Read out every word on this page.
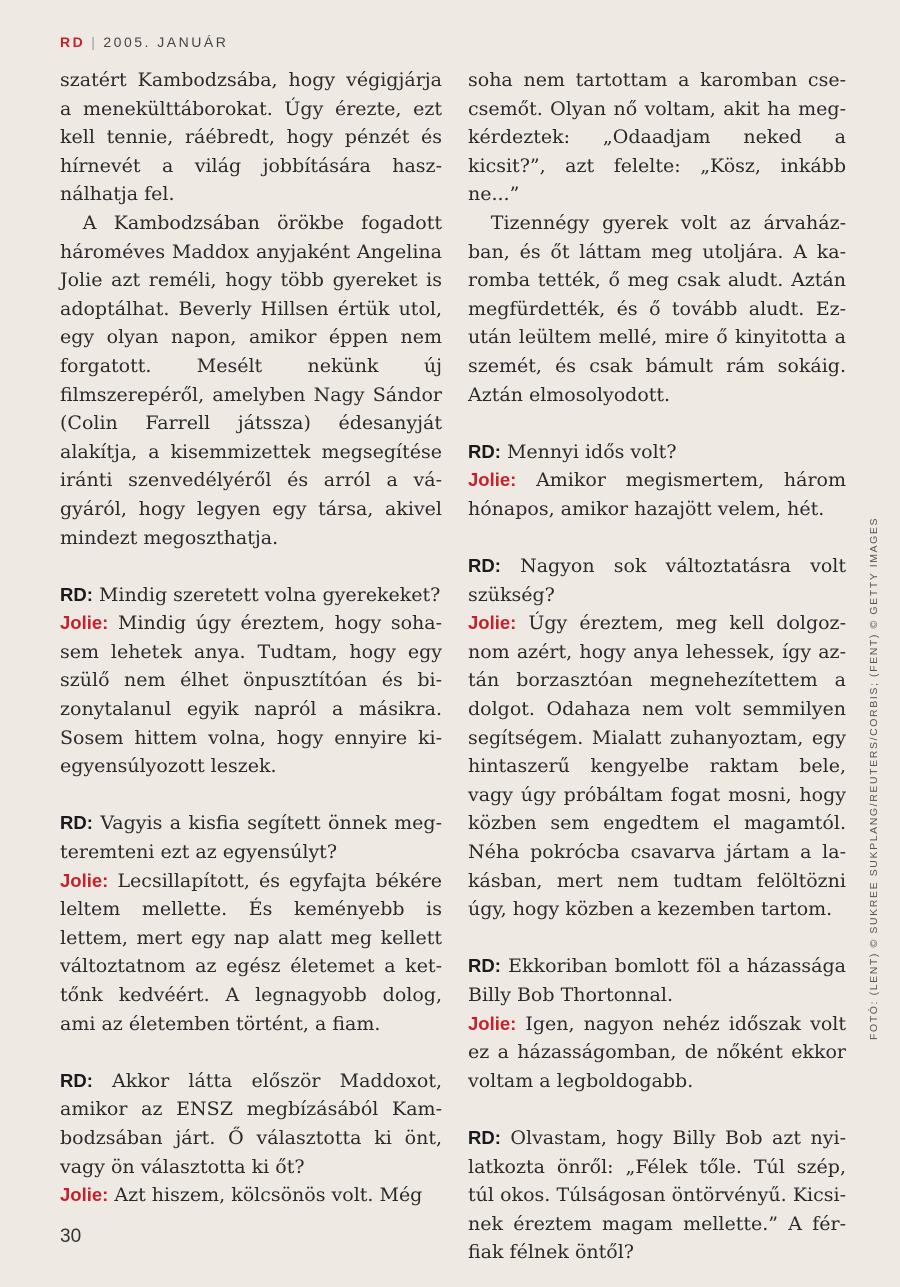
RD | 2005. JANUÁR

szatért Kambodzsába, hogy végigjárja a menekülttáborokat. Úgy érezte, ezt kell tennie, ráébredt, hogy pénzét és hírnevét a világ jobbítására használhatja fel.

A Kambodzsában örökbe fogadott hároméves Maddox anyjaként Angelina Jolie azt reméli, hogy több gyereket is adoptálhat. Beverly Hillsen értük utol, egy olyan napon, amikor éppen nem forgatott. Mesélt nekünk új filmszerepéről, amelyben Nagy Sándor (Colin Farrell játssza) édesanyját alakítja, a kisemmizettek megsegítése iránti szenvedélyéről és arról a vágyáról, hogy legyen egy társa, akivel mindezt megoszthatja.

RD: Mindig szeretett volna gyerekeket?

Jolie: Mindig úgy éreztem, hogy sohasem lehetek anya. Tudtam, hogy egy szülő nem élhet önpusztítóan és bizonytalanul egyik napról a másikra. Sosem hittem volna, hogy ennyire kiegyensúlyozott leszek.

RD: Vagyis a kisfia segített önnek megteremteni ezt az egyensúlyt?

Jolie: Lecsillapított, és egyfajta békére leltem mellette. És keményebb is lettem, mert egy nap alatt meg kellett változtatnom az egész életemet a kettőnk kedvéért. A legnagyobb dolog, ami az életemben történt, a fiam.

RD: Akkor látta először Maddoxot, amikor az ENSZ megbízásából Kambodzsában járt. Ő választotta ki önt, vagy ön választotta ki őt?

Jolie: Azt hiszem, kölcsönös volt. Még

soha nem tartottam a karomban csecsemőt. Olyan nő voltam, akit ha megkérdeztek: „Odaadjam neked a kicsit?”, azt felelte: „Kösz, inkább ne...”

Tizennégy gyerek volt az árvaházban, és őt láttam meg utoljára. A karomba tették, ő meg csak aludt. Aztán megfürdették, és ő tovább aludt. Ezután leültem mellé, mire ő kinyitotta a szemét, és csak bámult rám sokáig. Aztán elmosolyodott.

RD: Mennyi idős volt?

Jolie: Amikor megismertem, három hónapos, amikor hazajött velem, hét.

RD: Nagyon sok változtatásra volt szükség?

Jolie: Úgy éreztem, meg kell dolgoznom azért, hogy anya lehessek, így aztán borzasztóan megnehezítettem a dolgot. Odahaza nem volt semmilyen segítségem. Mialatt zuhanyoztam, egy hintaszerű kengyelbe raktam bele, vagy úgy próbáltam fogat mosni, hogy közben sem engedtem el magamtól. Néha pokrócba csavarva jártam a lakásban, mert nem tudtam felöltözni úgy, hogy közben a kezemben tartom.

RD: Ekkoriban bomlott föl a házassága Billy Bob Thortonnal.

Jolie: Igen, nagyon nehéz időszak volt ez a házasságomban, de nőként ekkor voltam a legboldogabb.

RD: Olvastam, hogy Billy Bob azt nyilatkozta önről: „Félek tőle. Túl szép, túl okos. Túlságosan öntörvényű. Kicsinek éreztem magam mellette.” A férfiak félnek öntől?

FOTÓ: (LENT) © SUKREE SUKPLANG/REUTERS/CORBIS; (FENT) © GETTY IMAGES
30
